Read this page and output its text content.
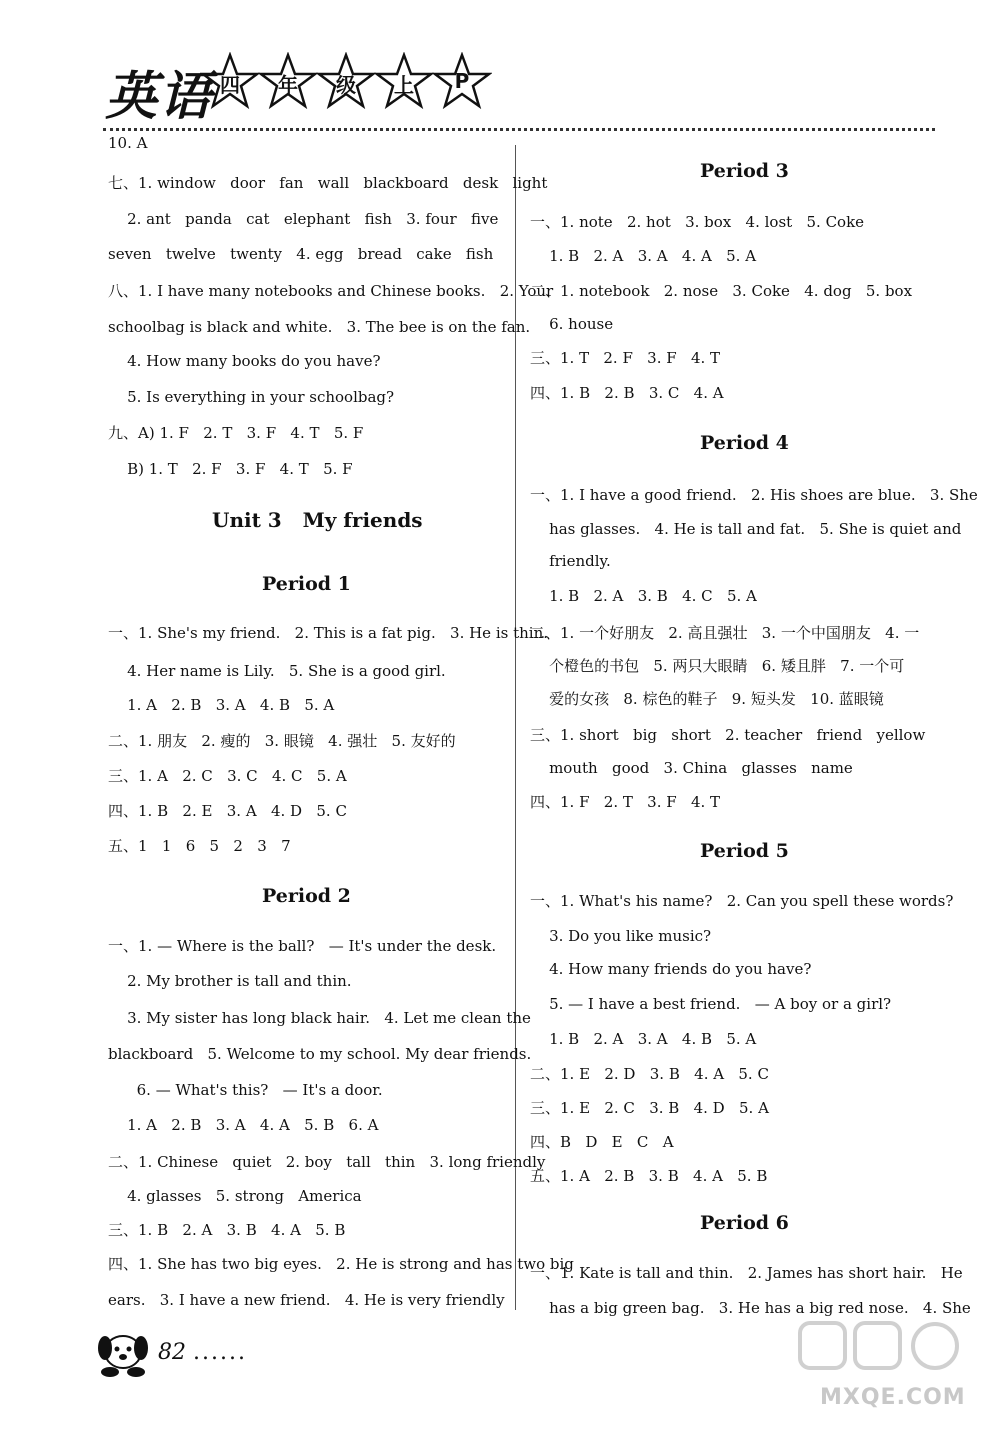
英语 四	年	级	上	P
10. A
七、1. window   door   fan   wall   blackboard   desk   light
2. ant   panda   cat   elephant   fish   3. four   five
seven   twelve   twenty   4. egg   bread   cake   fish
八、1. I have many notebooks and Chinese books.   2. Your
schoolbag is black and white.   3. The bee is on the fan.
4. How many books do you have?
5. Is everything in your schoolbag?
九、A) 1. F   2. T   3. F   4. T   5. F
B) 1. T   2. F   3. F   4. T   5. F
Unit 3   My friends
Period 1
一、1. She's my friend.   2. This is a fat pig.   3. He is thin.
4. Her name is Lily.   5. She is a good girl.
1. A   2. B   3. A   4. B   5. A
二、1. 朋友   2. 瘦的   3. 眼镜   4. 强壮   5. 友好的
三、1. A   2. C   3. C   4. C   5. A
四、1. B   2. E   3. A   4. D   5. C
五、1   1   6   5   2   3   7
Period 2
一、1. — Where is the ball?   — It's under the desk.
2. My brother is tall and thin.
3. My sister has long black hair.   4. Let me clean the
blackboard   5. Welcome to my school. My dear friends.
6. — What's this?   — It's a door.
1. A   2. B   3. A   4. A   5. B   6. A
二、1. Chinese   quiet   2. boy   tall   thin   3. long friendly
4. glasses   5. strong   America
三、1. B   2. A   3. B   4. A   5. B
四、1. She has two big eyes.   2. He is strong and has two big
ears.   3. I have a new friend.   4. He is very friendly
Period 3
一、1. note   2. hot   3. box   4. lost   5. Coke
1. B   2. A   3. A   4. A   5. A
二、1. notebook   2. nose   3. Coke   4. dog   5. box
6. house
三、1. T   2. F   3. F   4. T
四、1. B   2. B   3. C   4. A
Period 4
一、1. I have a good friend.   2. His shoes are blue.   3. She
has glasses.   4. He is tall and fat.   5. She is quiet and
friendly.
1. B   2. A   3. B   4. C   5. A
二、1. 一个好朋友   2. 高且强壮   3. 一个中国朋友   4. 一
个橙色的书包   5. 两只大眼睛   6. 矮且胖   7. 一个可
爱的女孩   8. 棕色的鞋子   9. 短头发   10. 蓝眼镜
三、1. short   big   short   2. teacher   friend   yellow
mouth   good   3. China   glasses   name
四、1. F   2. T   3. F   4. T
Period 5
一、1. What's his name?   2. Can you spell these words?
3. Do you like music?
4. How many friends do you have?
5. — I have a best friend.   — A boy or a girl?
1. B   2. A   3. A   4. B   5. A
二、1. E   2. D   3. B   4. A   5. C
三、1. E   2. C   3. B   4. D   5. A
四、B   D   E   C   A
五、1. A   2. B   3. B   4. A   5. B
Period 6
一、1. Kate is tall and thin.   2. James has short hair.   He
has a big green bag.   3. He has a big red nose.   4. She
82 ......
MXQE.COM
